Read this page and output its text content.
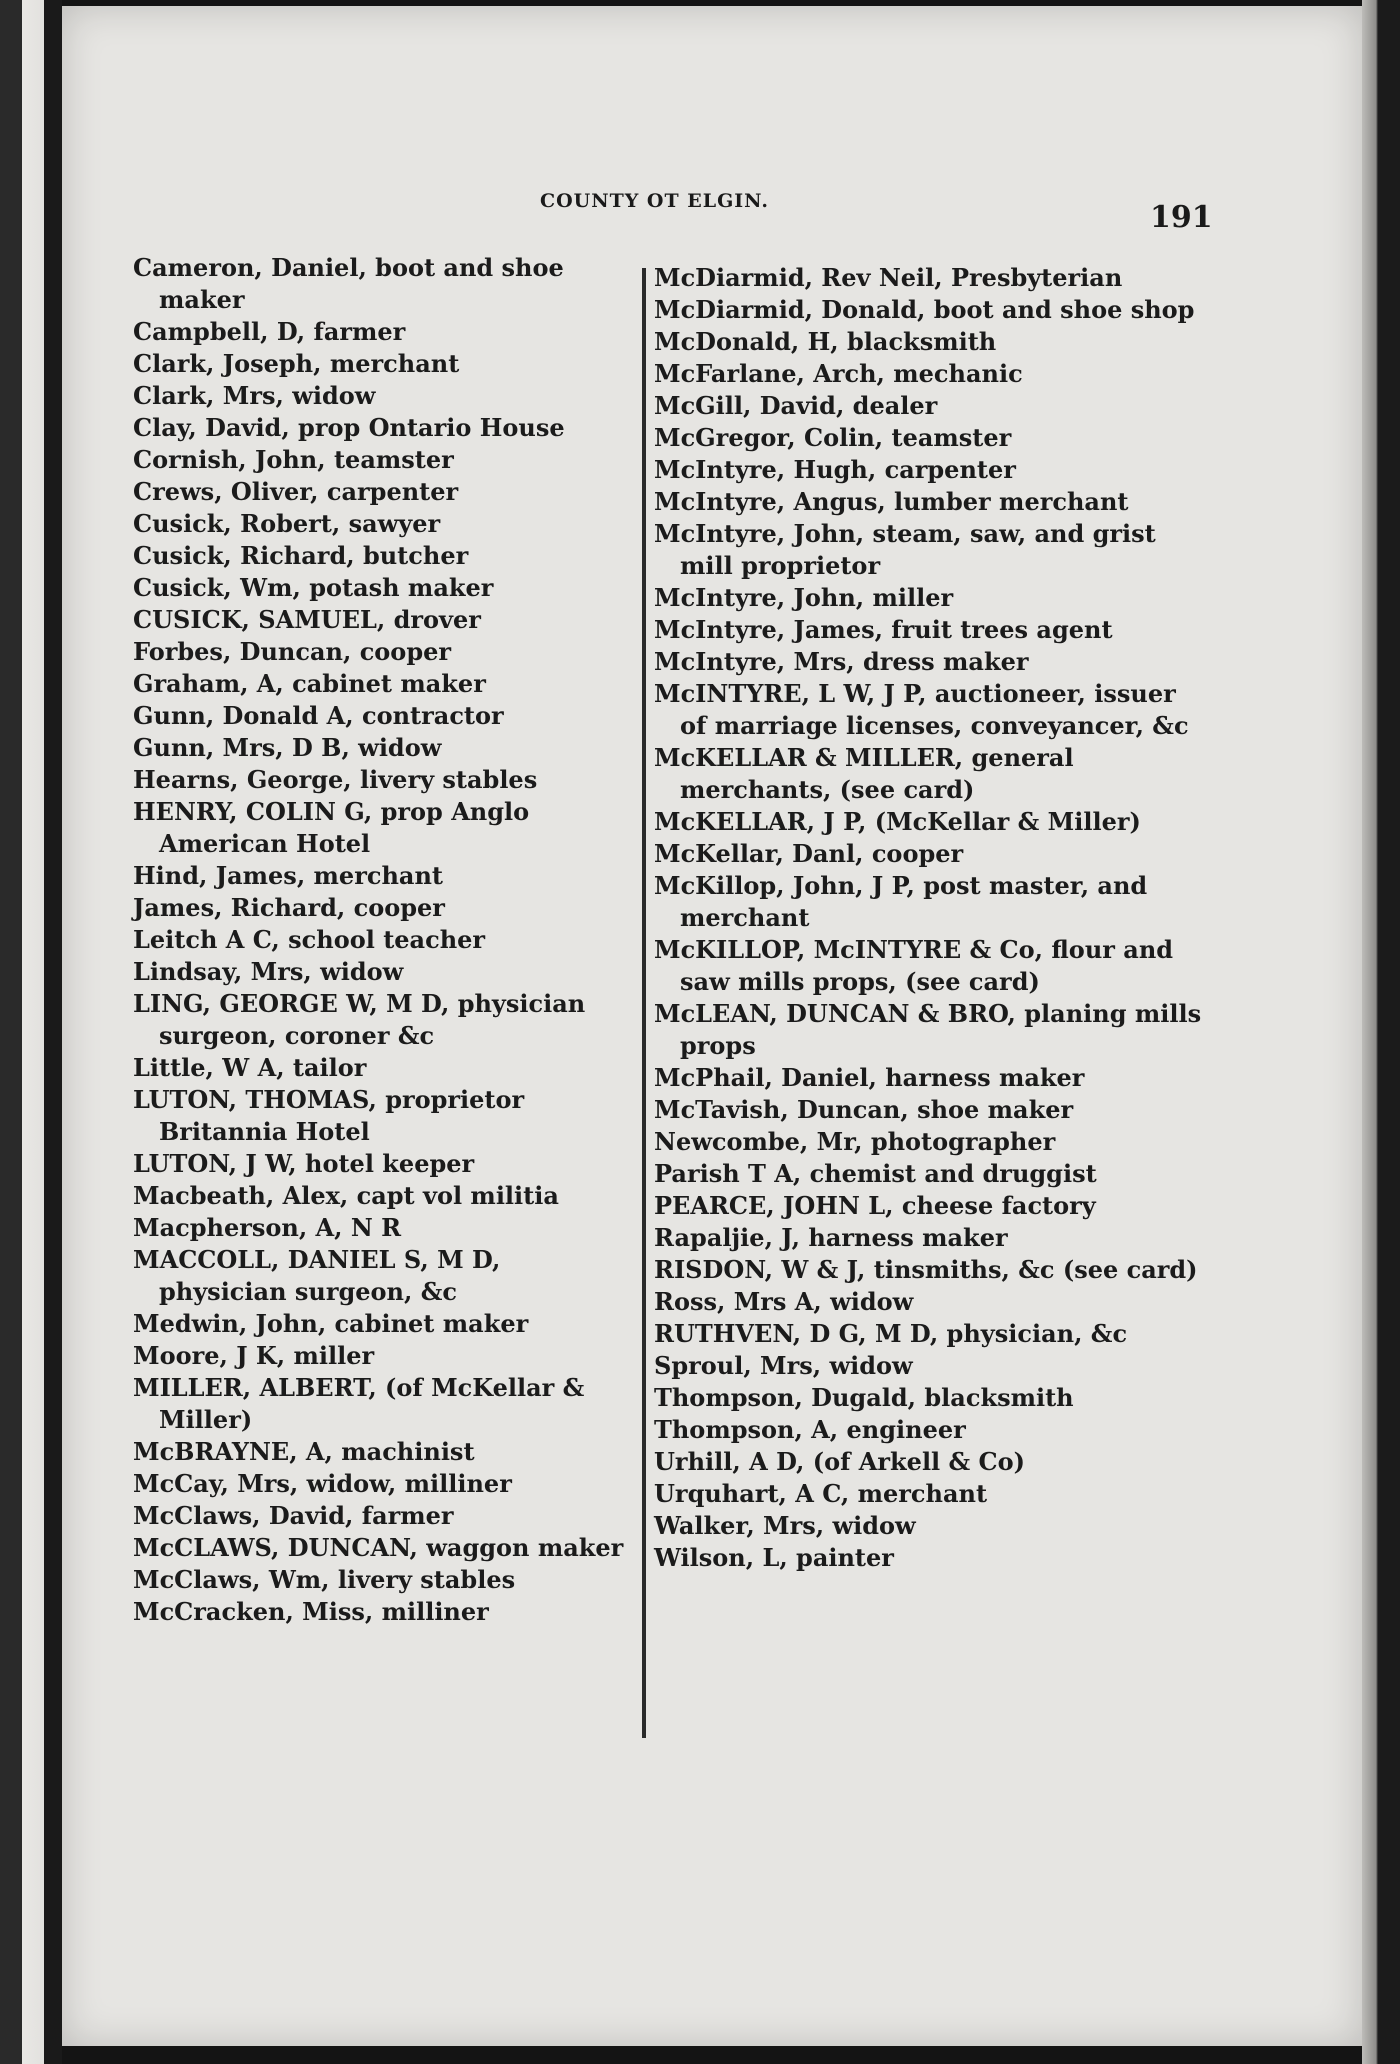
COUNTY OT ELGIN.	191
Cameron, Daniel, boot and shoe maker
Campbell, D, farmer
Clark, Joseph, merchant
Clark, Mrs, widow
Clay, David, prop Ontario House
Cornish, John, teamster
Crews, Oliver, carpenter
Cusick, Robert, sawyer
Cusick, Richard, butcher
Cusick, Wm, potash maker
CUSICK, SAMUEL, drover
Forbes, Duncan, cooper
Graham, A, cabinet maker
Gunn, Donald A, contractor
Gunn, Mrs, D B, widow
Hearns, George, livery stables
HENRY, COLIN G, prop Anglo American Hotel
Hind, James, merchant
James, Richard, cooper
Leitch A C, school teacher
Lindsay, Mrs, widow
LING, GEORGE W, M D, physician surgeon, coroner &c
Little, W A, tailor
LUTON, THOMAS, proprietor Britannia Hotel
LUTON, J W, hotel keeper
Macbeath, Alex, capt vol militia
Macpherson, A, N R
MACCOLL, DANIEL S, M D, physician surgeon, &c
Medwin, John, cabinet maker
Moore, J K, miller
MILLER, ALBERT, (of McKellar & Miller)
McBRAYNE, A, machinist
McCay, Mrs, widow, milliner
McClaws, David, farmer
McCLAWS, DUNCAN, waggon maker
McClaws, Wm, livery stables
McCracken, Miss, milliner
McDiarmid, Rev Neil, Presbyterian
McDiarmid, Donald, boot and shoe shop
McDonald, H, blacksmith
McFarlane, Arch, mechanic
McGill, David, dealer
McGregor, Colin, teamster
McIntyre, Hugh, carpenter
McIntyre, Angus, lumber merchant
McIntyre, John, steam, saw, and grist mill proprietor
McIntyre, John, miller
McIntyre, James, fruit trees agent
McIntyre, Mrs, dress maker
McINTYRE, L W, J P, auctioneer, issuer of marriage licenses, conveyancer, &c
McKELLAR & MILLER, general merchants, (see card)
McKELLAR, J P, (McKellar & Miller)
McKellar, Danl, cooper
McKillop, John, J P, post master, and merchant
McKILLOP, McINTYRE & Co, flour and saw mills props, (see card)
McLEAN, DUNCAN & BRO, planing mills props
McPhail, Daniel, harness maker
McTavish, Duncan, shoe maker
Newcombe, Mr, photographer
Parish T A, chemist and druggist
PEARCE, JOHN L, cheese factory
Rapaljie, J, harness maker
RISDON, W & J, tinsmiths, &c (see card)
Ross, Mrs A, widow
RUTHVEN, D G, M D, physician, &c
Sproul, Mrs, widow
Thompson, Dugald, blacksmith
Thompson, A, engineer
Urhill, A D, (of Arkell & Co)
Urquhart, A C, merchant
Walker, Mrs, widow
Wilson, L, painter
